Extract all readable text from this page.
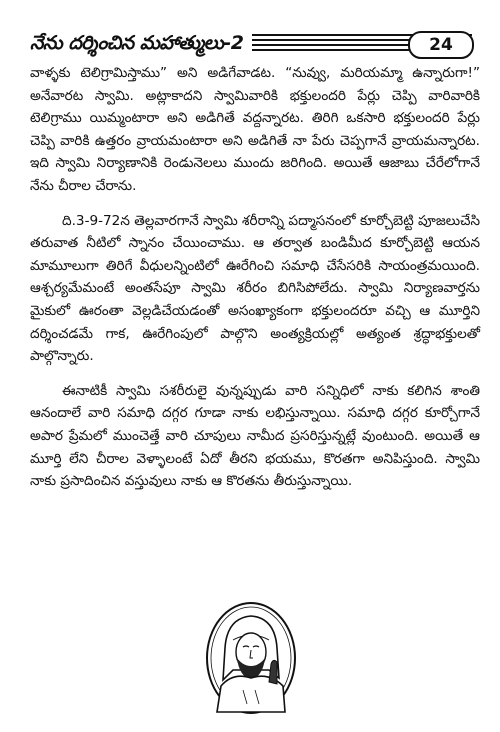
నేను దర్శించిన మహాత్ములు-2	24

వాళ్ళకు టెలిగ్రామిస్తాము” అని అడిగేవాడట. “నువ్వు, మరియమ్మా ఉన్నారుగా!” అనేవారట స్వామి. అట్లాకాదని స్వామివారికి భక్తులందరి పేర్లు చెప్పి వారివారికి టెలిగ్రాము యిమ్మంటారా అని అడిగితే వద్దన్నారట. తిరిగి ఒకసారి భక్తులందరి పేర్లు చెప్పి వారికి ఉత్తరం వ్రాయమంటారా అని అడిగితే నా పేరు చెప్పగానే వ్రాయమన్నారట. ఇది స్వామి నిర్యాణానికి రెండునెలలు ముందు జరిగింది. అయితే ఆజాబు చేరేలోగానే నేను చీరాల చేరాను.

ది.3-9-72న తెల్లవారగానే స్వామి శరీరాన్ని పద్మాసనంలో కూర్చోబెట్టి పూజలుచేసి తరువాత నీటిలో స్నానం చేయించాము. ఆ తర్వాత బండిమీద కూర్చోబెట్టి ఆయన మామూలుగా తిరిగే వీధులన్నింటిలో ఊరేగించి సమాధి చేసేసరికి సాయంత్రమయింది. ఆశ్చర్యమేమంటే అంతసేపూ స్వామి శరీరం బిగిసిపోలేదు. స్వామి నిర్యాణవార్తను మైకులో ఊరంతా వెల్లడిచేయడంతో అసంఖ్యాకంగా భక్తులందరూ వచ్చి ఆ మూర్తిని దర్శించడమే గాక, ఊరేగింపులో పాల్గొని అంత్యక్రియల్లో అత్యంత శ్రద్ధాభక్తులతో పాల్గొన్నారు.

ఈనాటికీ స్వామి సశరీరులై వున్నప్పుడు వారి సన్నిధిలో నాకు కలిగిన శాంతి ఆనందాలే వారి సమాధి దగ్గర గూడా నాకు లభిస్తున్నాయి. సమాధి దగ్గర కూర్చోగానే అపార ప్రేమలో ముంచెత్తే వారి చూపులు నామీద ప్రసరిస్తున్నట్లే వుంటుంది. అయితే ఆ మూర్తి లేని చీరాల వెళ్ళాలంటే ఏదో తీరని భయము, కొరతగా అనిపిస్తుంది. స్వామి నాకు ప్రసాదించిన వస్తువులు నాకు ఆ కొరతను తీరుస్తున్నాయి.
